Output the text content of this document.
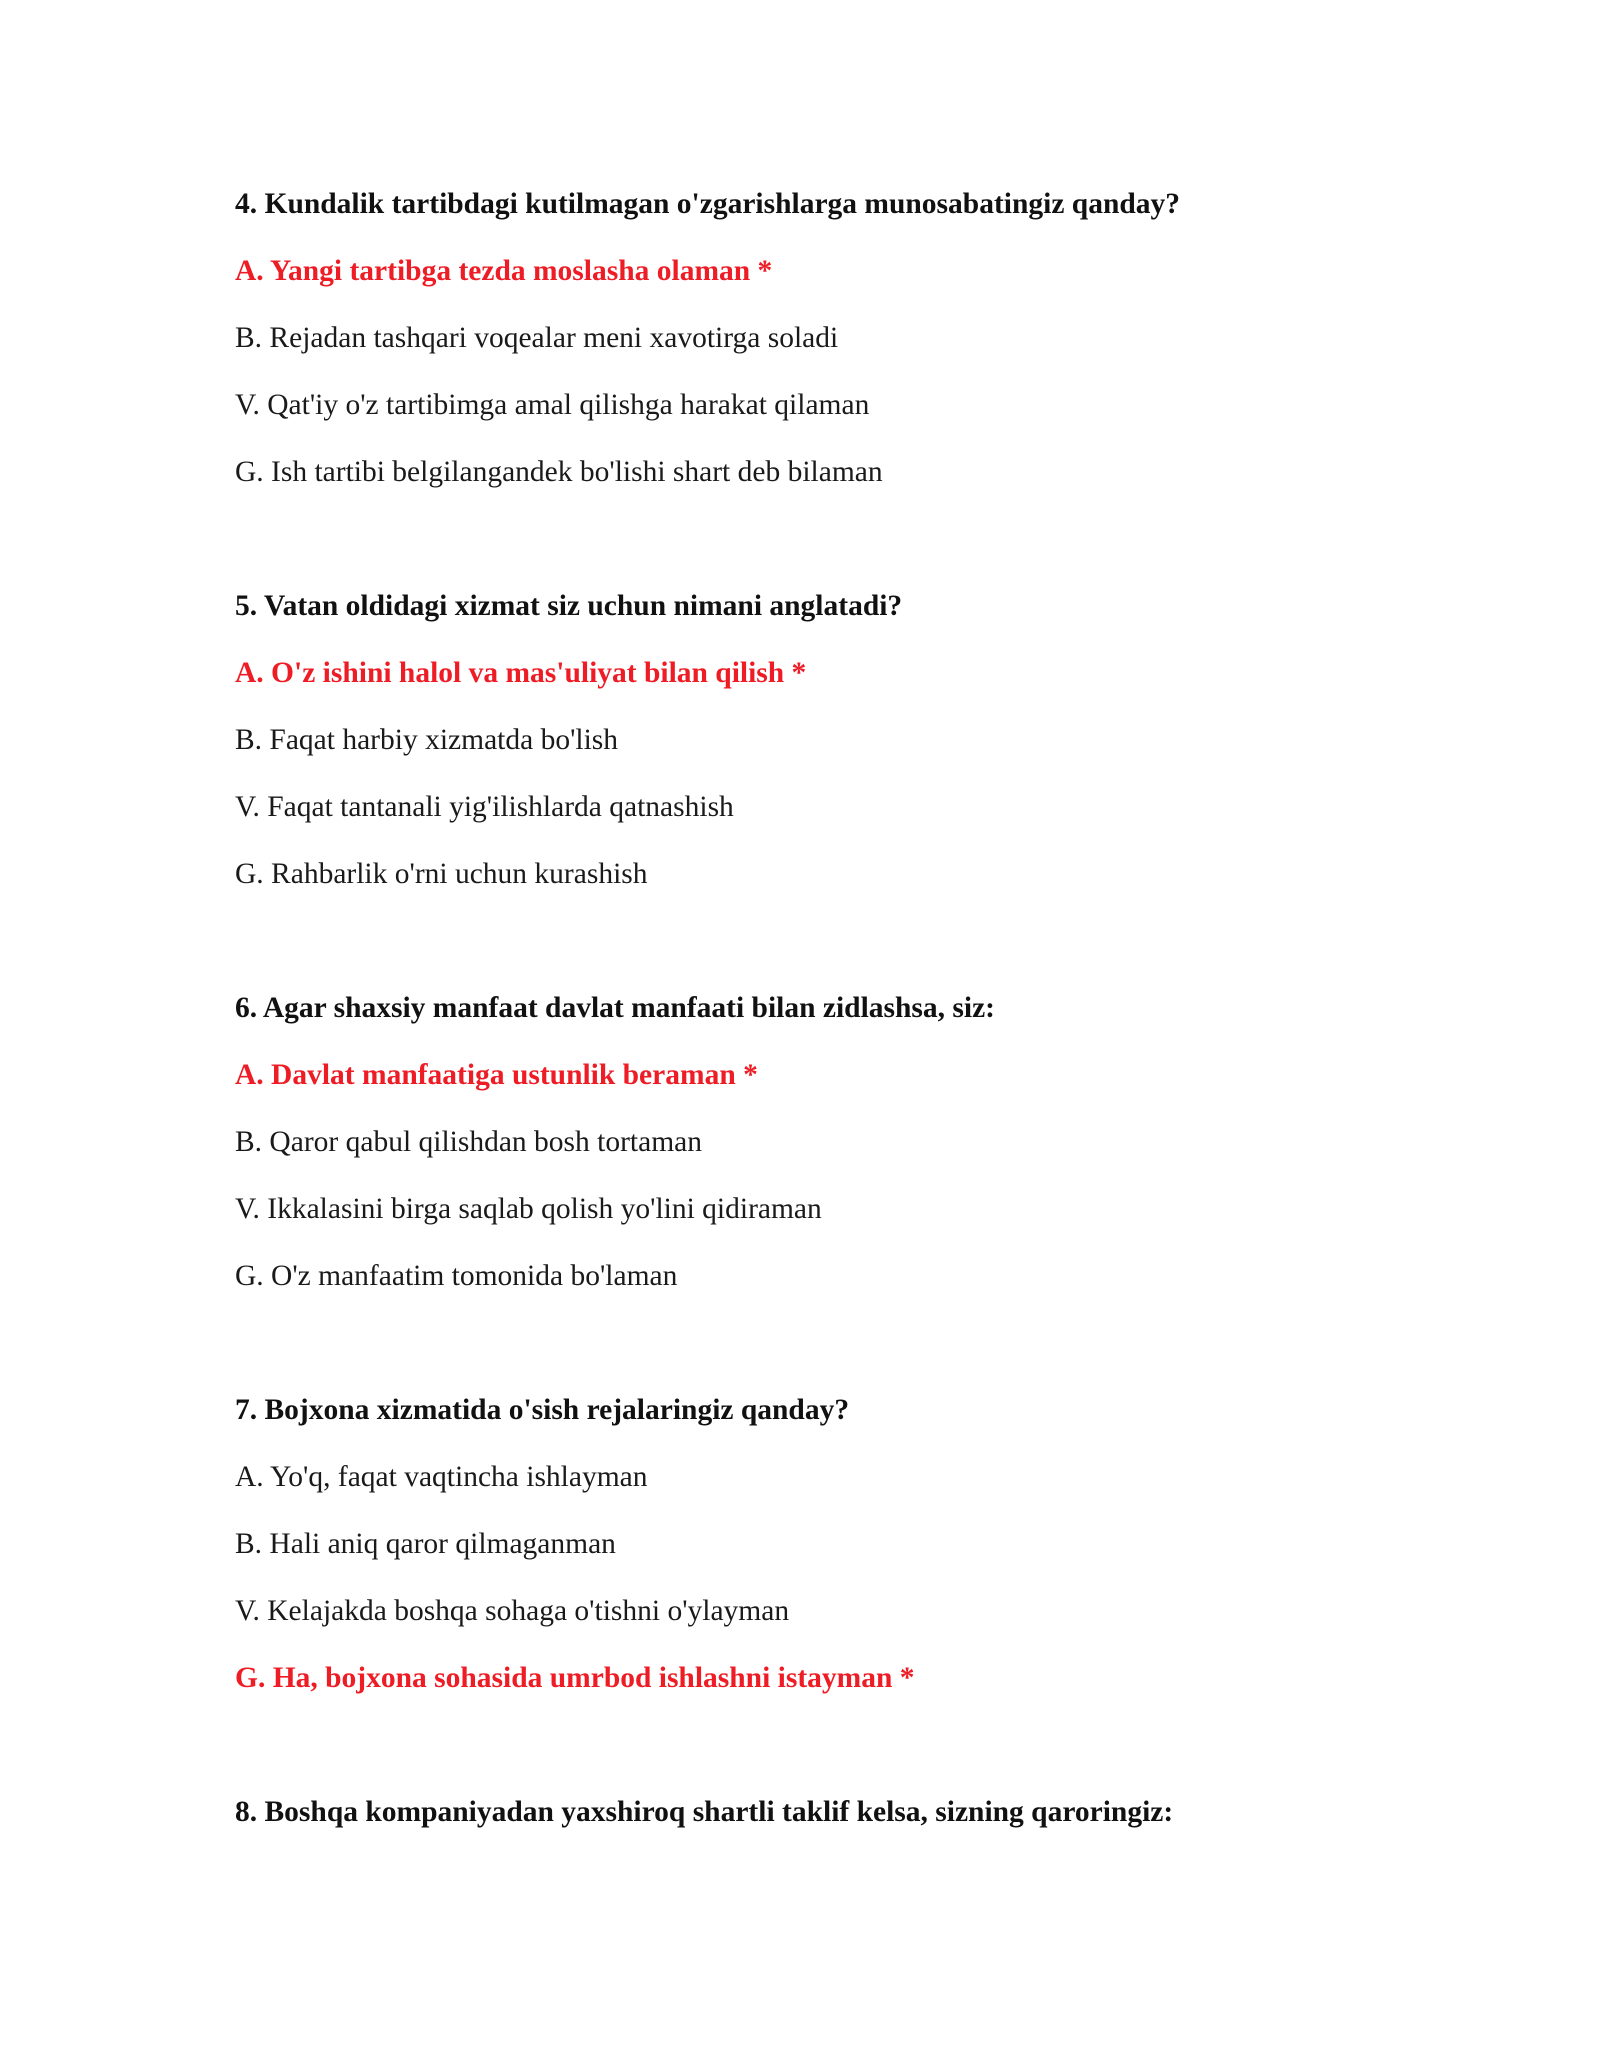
4. Kundalik tartibdagi kutilmagan o'zgarishlarga munosabatingiz qanday?
A. Yangi tartibga tezda moslasha olaman *
B. Rejadan tashqari voqealar meni xavotirga soladi
V. Qat'iy o'z tartibimga amal qilishga harakat qilaman
G. Ish tartibi belgilangandek bo'lishi shart deb bilaman
5. Vatan oldidagi xizmat siz uchun nimani anglatadi?
A. O'z ishini halol va mas'uliyat bilan qilish *
B. Faqat harbiy xizmatda bo'lish
V. Faqat tantanali yig'ilishlarda qatnashish
G. Rahbarlik o'rni uchun kurashish
6. Agar shaxsiy manfaat davlat manfaati bilan zidlashsa, siz:
A. Davlat manfaatiga ustunlik beraman *
B. Qaror qabul qilishdan bosh tortaman
V. Ikkalasini birga saqlab qolish yo'lini qidiraman
G. O'z manfaatim tomonida bo'laman
7. Bojxona xizmatida o'sish rejalaringiz qanday?
A. Yo'q, faqat vaqtincha ishlayman
B. Hali aniq qaror qilmaganman
V. Kelajakda boshqa sohaga o'tishni o'ylayman
G. Ha, bojxona sohasida umrbod ishlashni istayman *
8. Boshqa kompaniyadan yaxshiroq shartli taklif kelsa, sizning qaroringiz:
